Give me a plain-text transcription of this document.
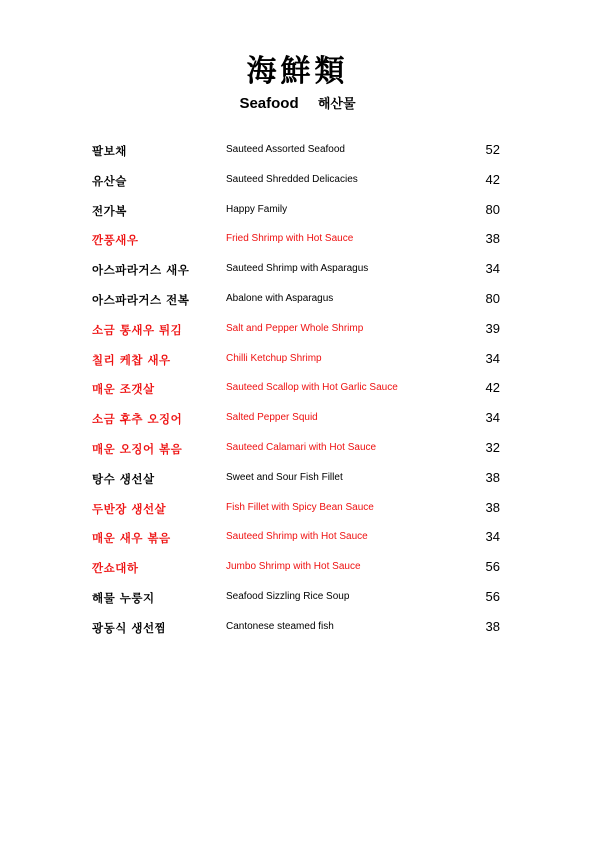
海鮮類
Seafood 해산물
팔보채	Sauteed Assorted Seafood	52
유산슬	Sauteed Shredded Delicacies	42
전가복	Happy Family	80
깐풍새우	Fried Shrimp with Hot Sauce	38
아스파라거스 새우	Sauteed Shrimp with Asparagus	34
아스파라거스 전복	Abalone with Asparagus	80
소금 통새우 튀김	Salt and Pepper Whole Shrimp	39
칠리 케찹 새우	Chilli Ketchup Shrimp	34
매운 조갯살	Sauteed Scallop with Hot Garlic Sauce	42
소금 후추 오징어	Salted Pepper Squid	34
매운 오징어 볶음	Sauteed Calamari with Hot Sauce	32
탕수 생선살	Sweet and Sour Fish Fillet	38
두반장 생선살	Fish Fillet with Spicy Bean Sauce	38
매운 새우 볶음	Sauteed Shrimp with Hot Sauce	34
깐쇼대하	Jumbo Shrimp with Hot Sauce	56
해물 누룽지	Seafood Sizzling Rice Soup	56
광동식 생선찜	Cantonese steamed fish	38
